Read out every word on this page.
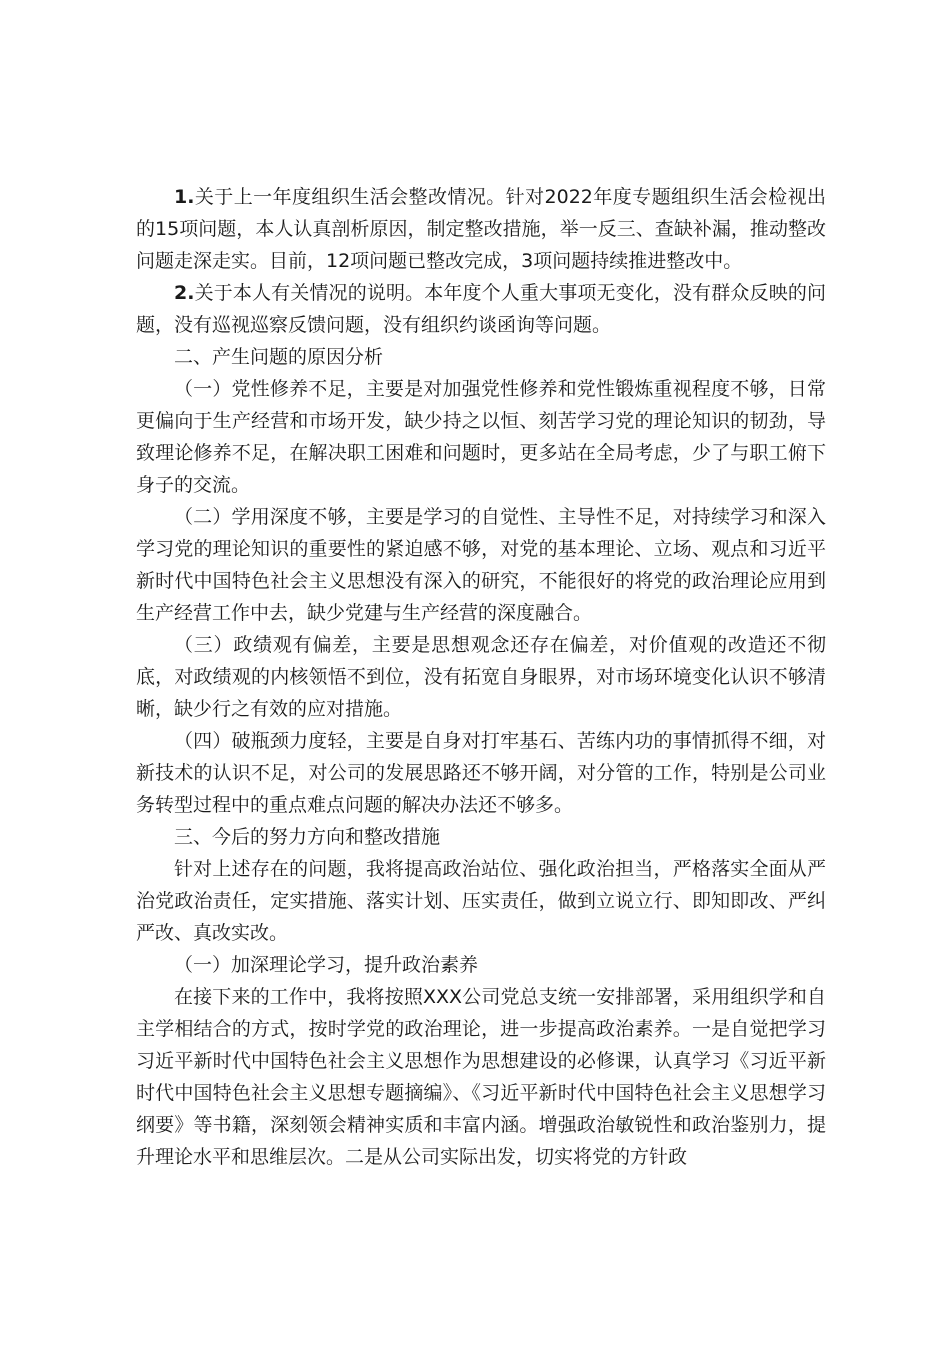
1.关于上一年度组织生活会整改情况。针对2022年度专题组织生活会检视出的15项问题，本人认真剖析原因，制定整改措施，举一反三、查缺补漏，推动整改问题走深走实。目前，12项问题已整改完成，3项问题持续推进整改中。

2.关于本人有关情况的说明。本年度个人重大事项无变化，没有群众反映的问题，没有巡视巡察反馈问题，没有组织约谈函询等问题。

二、产生问题的原因分析

（一）党性修养不足，主要是对加强党性修养和党性锻炼重视程度不够，日常更偏向于生产经营和市场开发，缺少持之以恒、刻苦学习党的理论知识的韧劲，导致理论修养不足，在解决职工困难和问题时，更多站在全局考虑，少了与职工俯下身子的交流。

（二）学用深度不够，主要是学习的自觉性、主导性不足，对持续学习和深入学习党的理论知识的重要性的紧迫感不够，对党的基本理论、立场、观点和习近平新时代中国特色社会主义思想没有深入的研究，不能很好的将党的政治理论应用到生产经营工作中去，缺少党建与生产经营的深度融合。

（三）政绩观有偏差，主要是思想观念还存在偏差，对价值观的改造还不彻底，对政绩观的内核领悟不到位，没有拓宽自身眼界，对市场环境变化认识不够清晰，缺少行之有效的应对措施。

（四）破瓶颈力度轻，主要是自身对打牢基石、苦练内功的事情抓得不细，对新技术的认识不足，对公司的发展思路还不够开阔，对分管的工作，特别是公司业务转型过程中的重点难点问题的解决办法还不够多。

三、今后的努力方向和整改措施

针对上述存在的问题，我将提高政治站位、强化政治担当，严格落实全面从严治党政治责任，定实措施、落实计划、压实责任，做到立说立行、即知即改、严纠严改、真改实改。

（一）加深理论学习，提升政治素养

在接下来的工作中，我将按照XXX公司党总支统一安排部署，采用组织学和自主学相结合的方式，按时学党的政治理论，进一步提高政治素养。一是自觉把学习习近平新时代中国特色社会主义思想作为思想建设的必修课，认真学习《习近平新时代中国特色社会主义思想专题摘编》、《习近平新时代中国特色社会主义思想学习纲要》等书籍，深刻领会精神实质和丰富内涵。增强政治敏锐性和政治鉴别力，提升理论水平和思维层次。二是从公司实际出发，切实将党的方针政
